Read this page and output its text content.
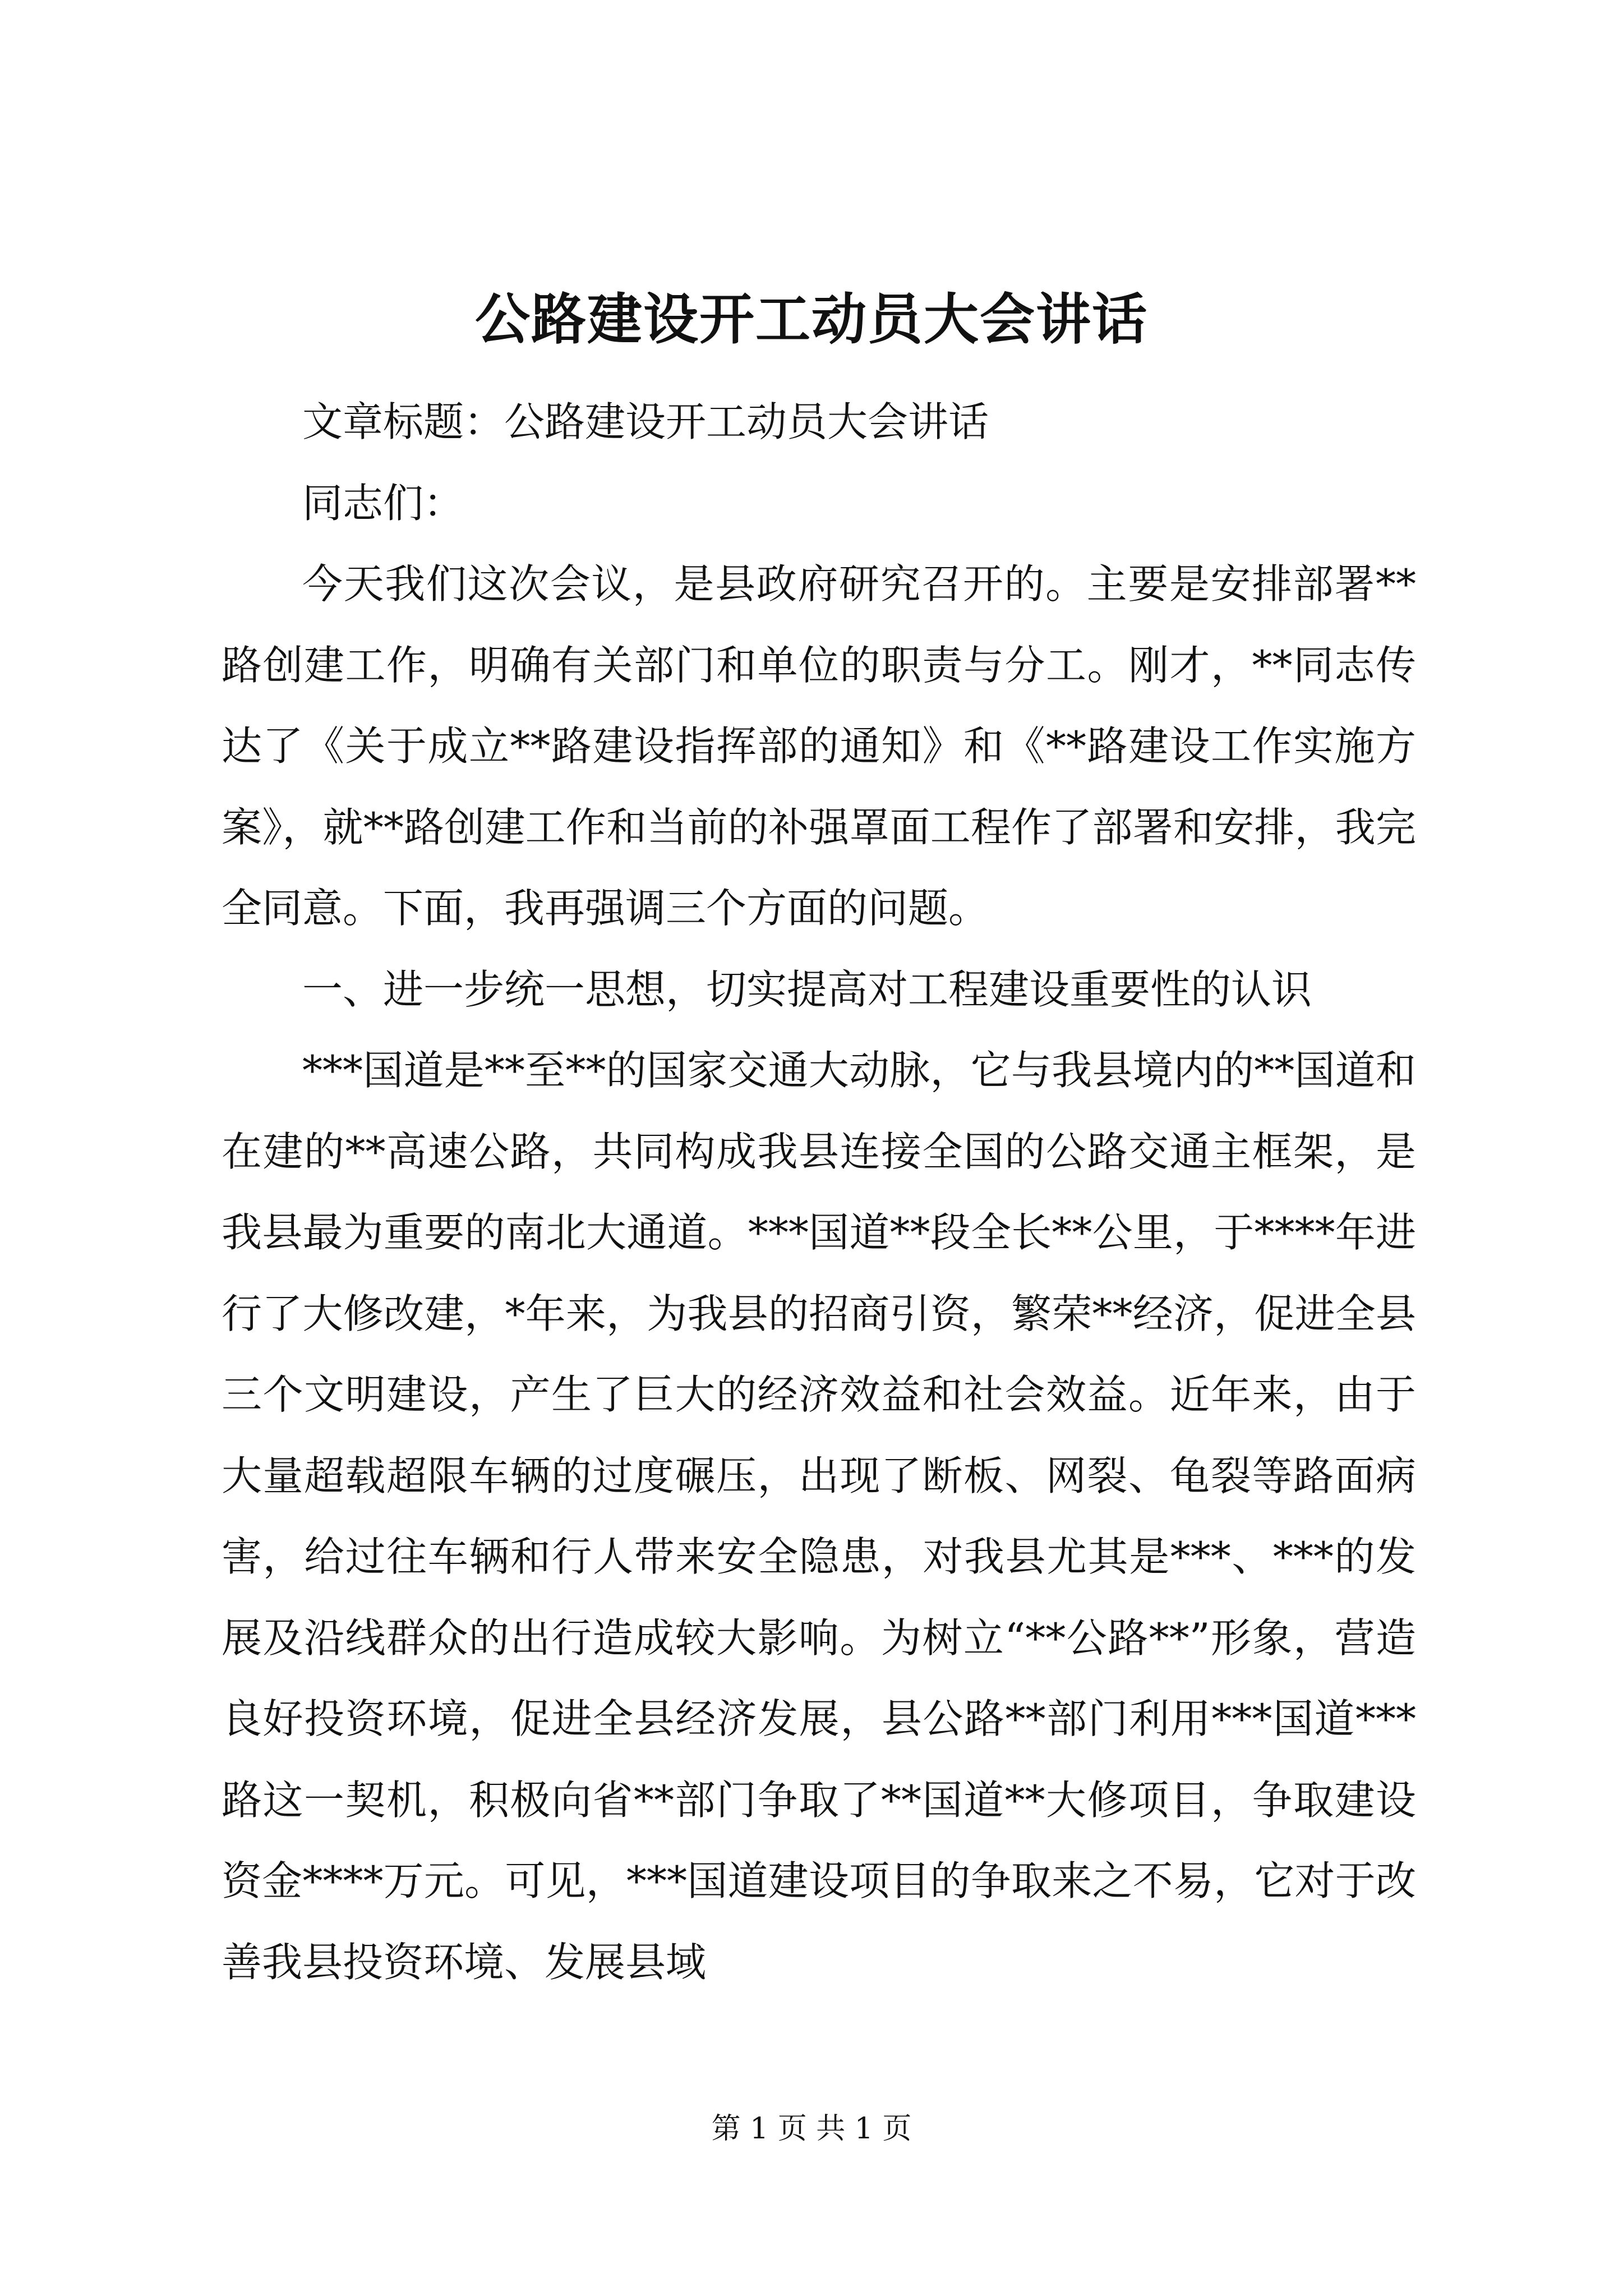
公路建设开工动员大会讲话

文章标题：公路建设开工动员大会讲话

同志们：

今天我们这次会议，是县政府研究召开的。主要是安排部署**路创建工作，明确有关部门和单位的职责与分工。刚才，**同志传达了《关于成立**路建设指挥部的通知》和《**路建设工作实施方案》，就**路创建工作和当前的补强罩面工程作了部署和安排，我完全同意。下面，我再强调三个方面的问题。

一、进一步统一思想，切实提高对工程建设重要性的认识

***国道是**至**的国家交通大动脉，它与我县境内的**国道和在建的**高速公路，共同构成我县连接全国的公路交通主框架，是我县最为重要的南北大通道。***国道**段全长**公里，于****年进行了大修改建，*年来，为我县的招商引资，繁荣**经济，促进全县三个文明建设，产生了巨大的经济效益和社会效益。近年来，由于大量超载超限车辆的过度碾压，出现了断板、网裂、龟裂等路面病害，给过往车辆和行人带来安全隐患，对我县尤其是***、***的发展及沿线群众的出行造成较大影响。为树立“**公路**”形象，营造良好投资环境，促进全县经济发展，县公路**部门利用***国道***路这一契机，积极向省**部门争取了**国道**大修项目，争取建设资金****万元。可见，***国道建设项目的争取来之不易，它对于改善我县投资环境、发展县域

第 1 页 共 1 页
